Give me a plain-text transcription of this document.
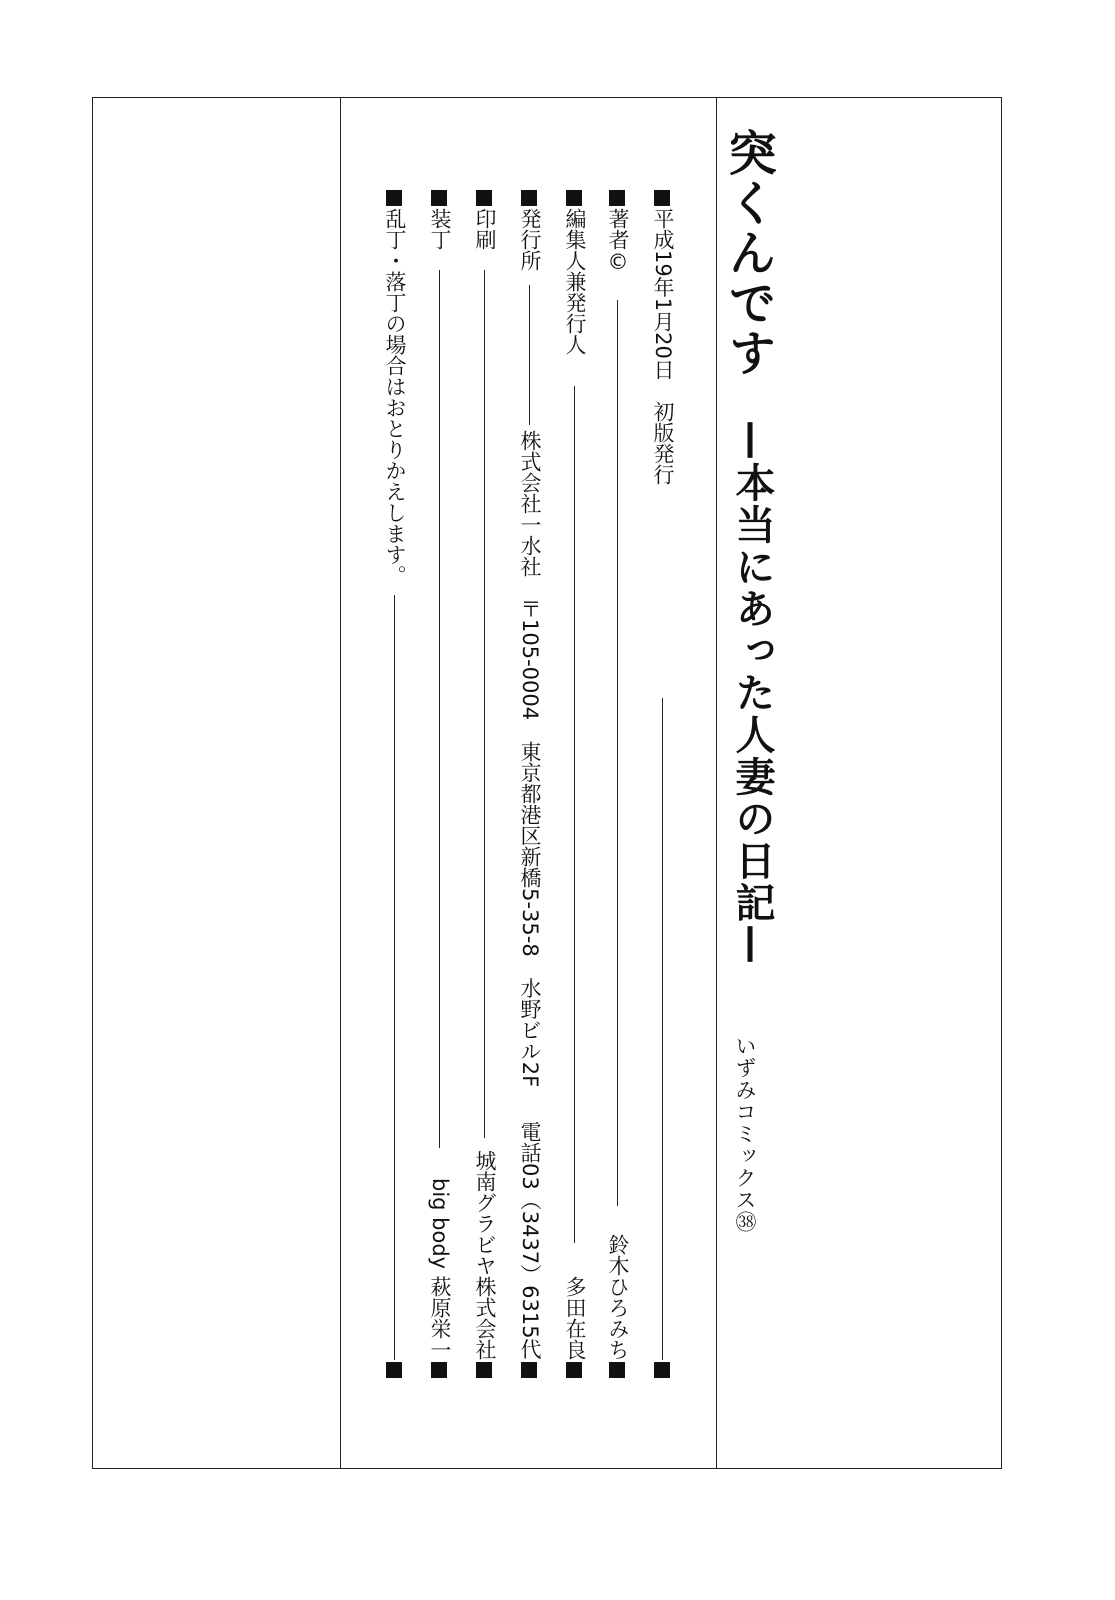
突くんです
—本当にあった人妻の日記—
いずみコミックス㊳
平成19年1月20日　初版発行
著者©
鈴木ひろみち
編集人兼発行人
多田在良
発行所
株式会社一水社　〒105-0004　東京都港区新橋5-35-8　水野ビル2F
電話03（3437）6315代
印刷
城南グラビヤ株式会社
装丁
big body 萩原栄一
乱丁・落丁の場合はおとりかえします。
